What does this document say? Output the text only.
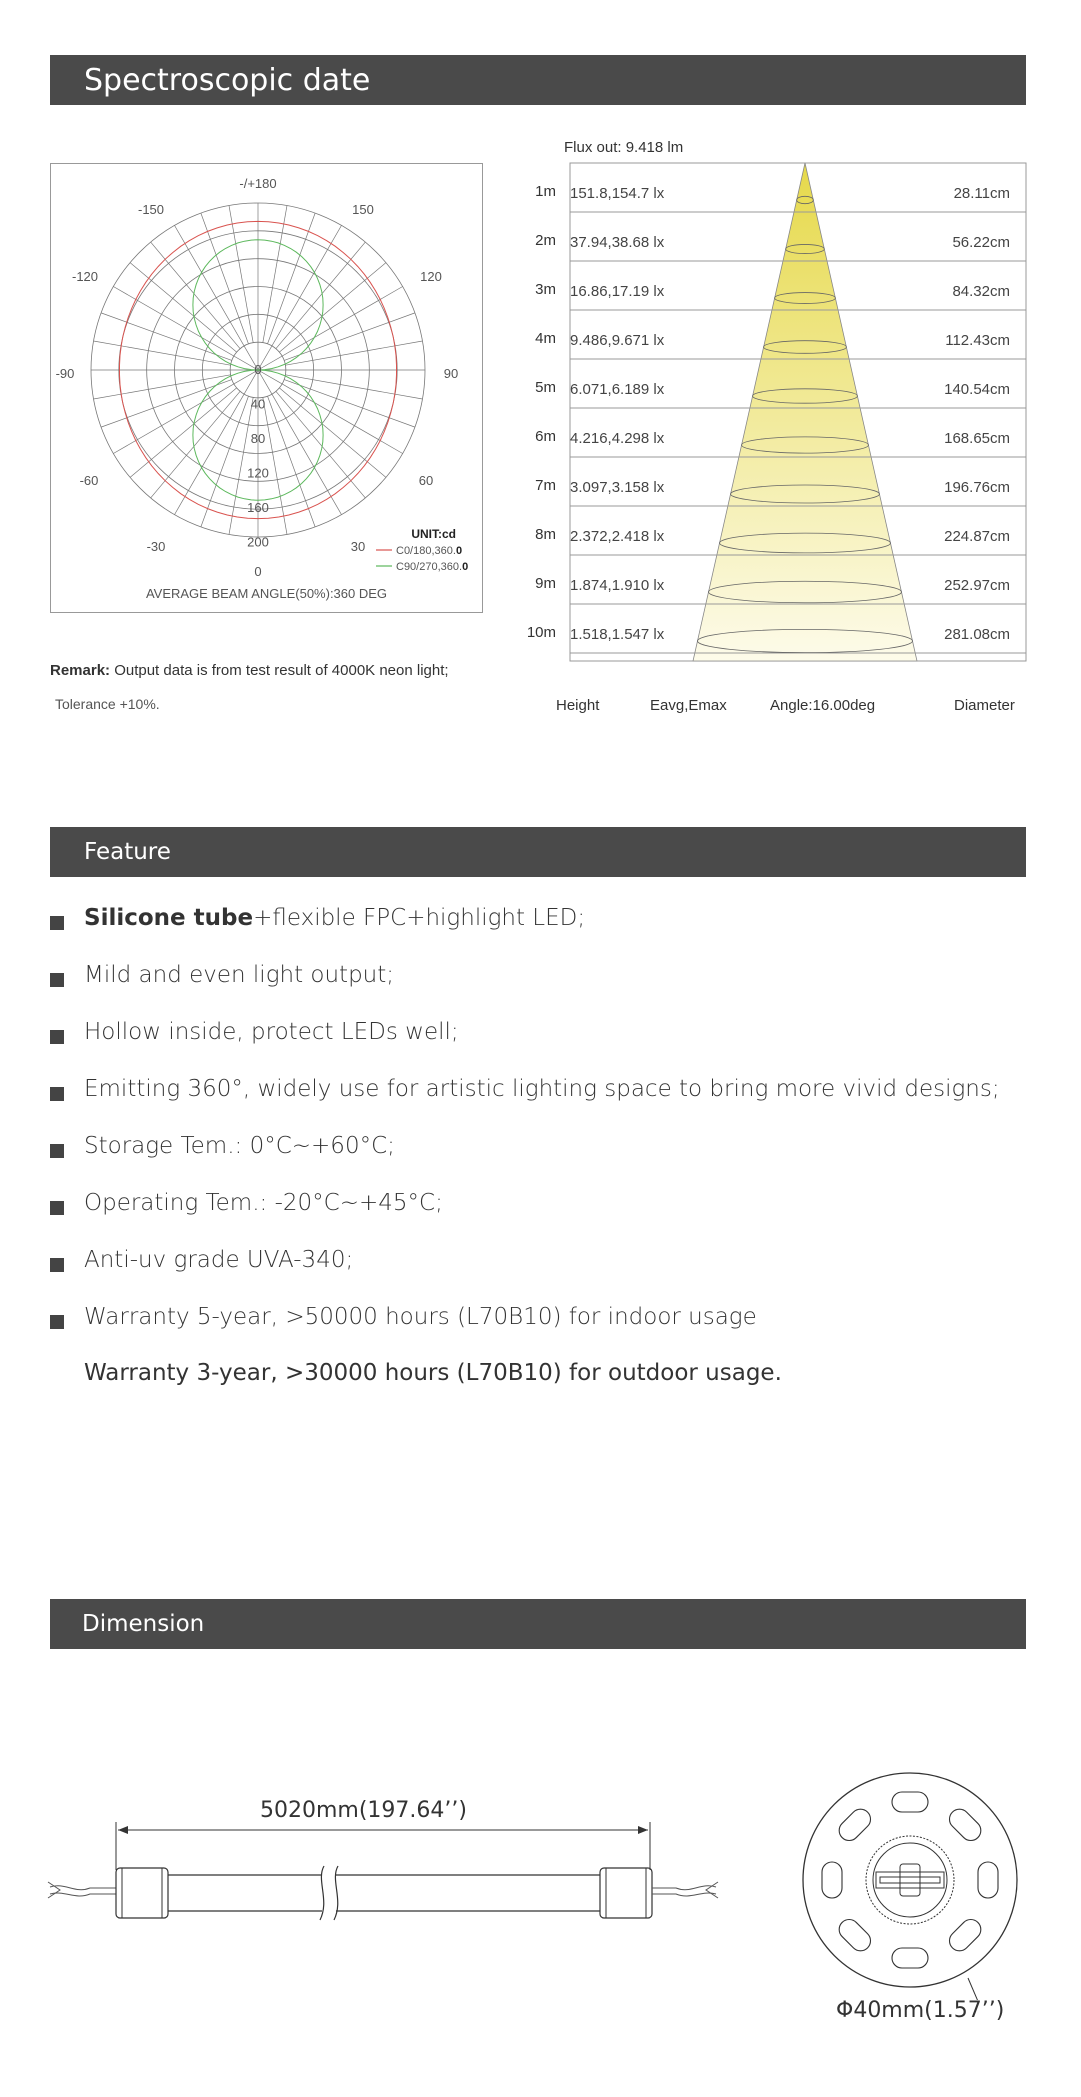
Spectroscopic date
-/+180
-150	150
-120	120
-90	90
-60	60
-30	30
0
0
40
80
120
160
200
UNIT:cd
C0/180,360.0
C90/270,360.0
AVERAGE BEAM ANGLE(50%):360 DEG
Remark: Output data is from test result of 4000K neon light;
Tolerance +10%.
Flux out: 9.418 lm
1m 151.8,154.7 lx	28.11cm
2m 37.94,38.68 lx	56.22cm
3m 16.86,17.19 lx	84.32cm
4m 9.486,9.671 lx	112.43cm
5m 6.071,6.189 lx	140.54cm
6m 4.216,4.298 lx	168.65cm
7m 3.097,3.158 lx	196.76cm
8m 2.372,2.418 lx	224.87cm
9m 1.874,1.910 lx	252.97cm
10m 1.518,1.547 lx	281.08cm
Height	Eavg,Emax	Angle:16.00deg	Diameter
Feature
Silicone tube+flexible FPC+highlight LED;
Mild and even light output;
Hollow inside, protect LEDs well;
Emitting 360°, widely use for artistic lighting space to bring more vivid designs;
Storage Tem.: 0°C~+60°C;
Operating Tem.: -20°C~+45°C;
Anti-uv grade UVA-340;
Warranty 5-year, >50000 hours (L70B10) for indoor usage
Warranty 3-year, >30000 hours (L70B10) for outdoor usage.
Dimension
5020mm(197.64’’)
Φ40mm(1.57’’)
